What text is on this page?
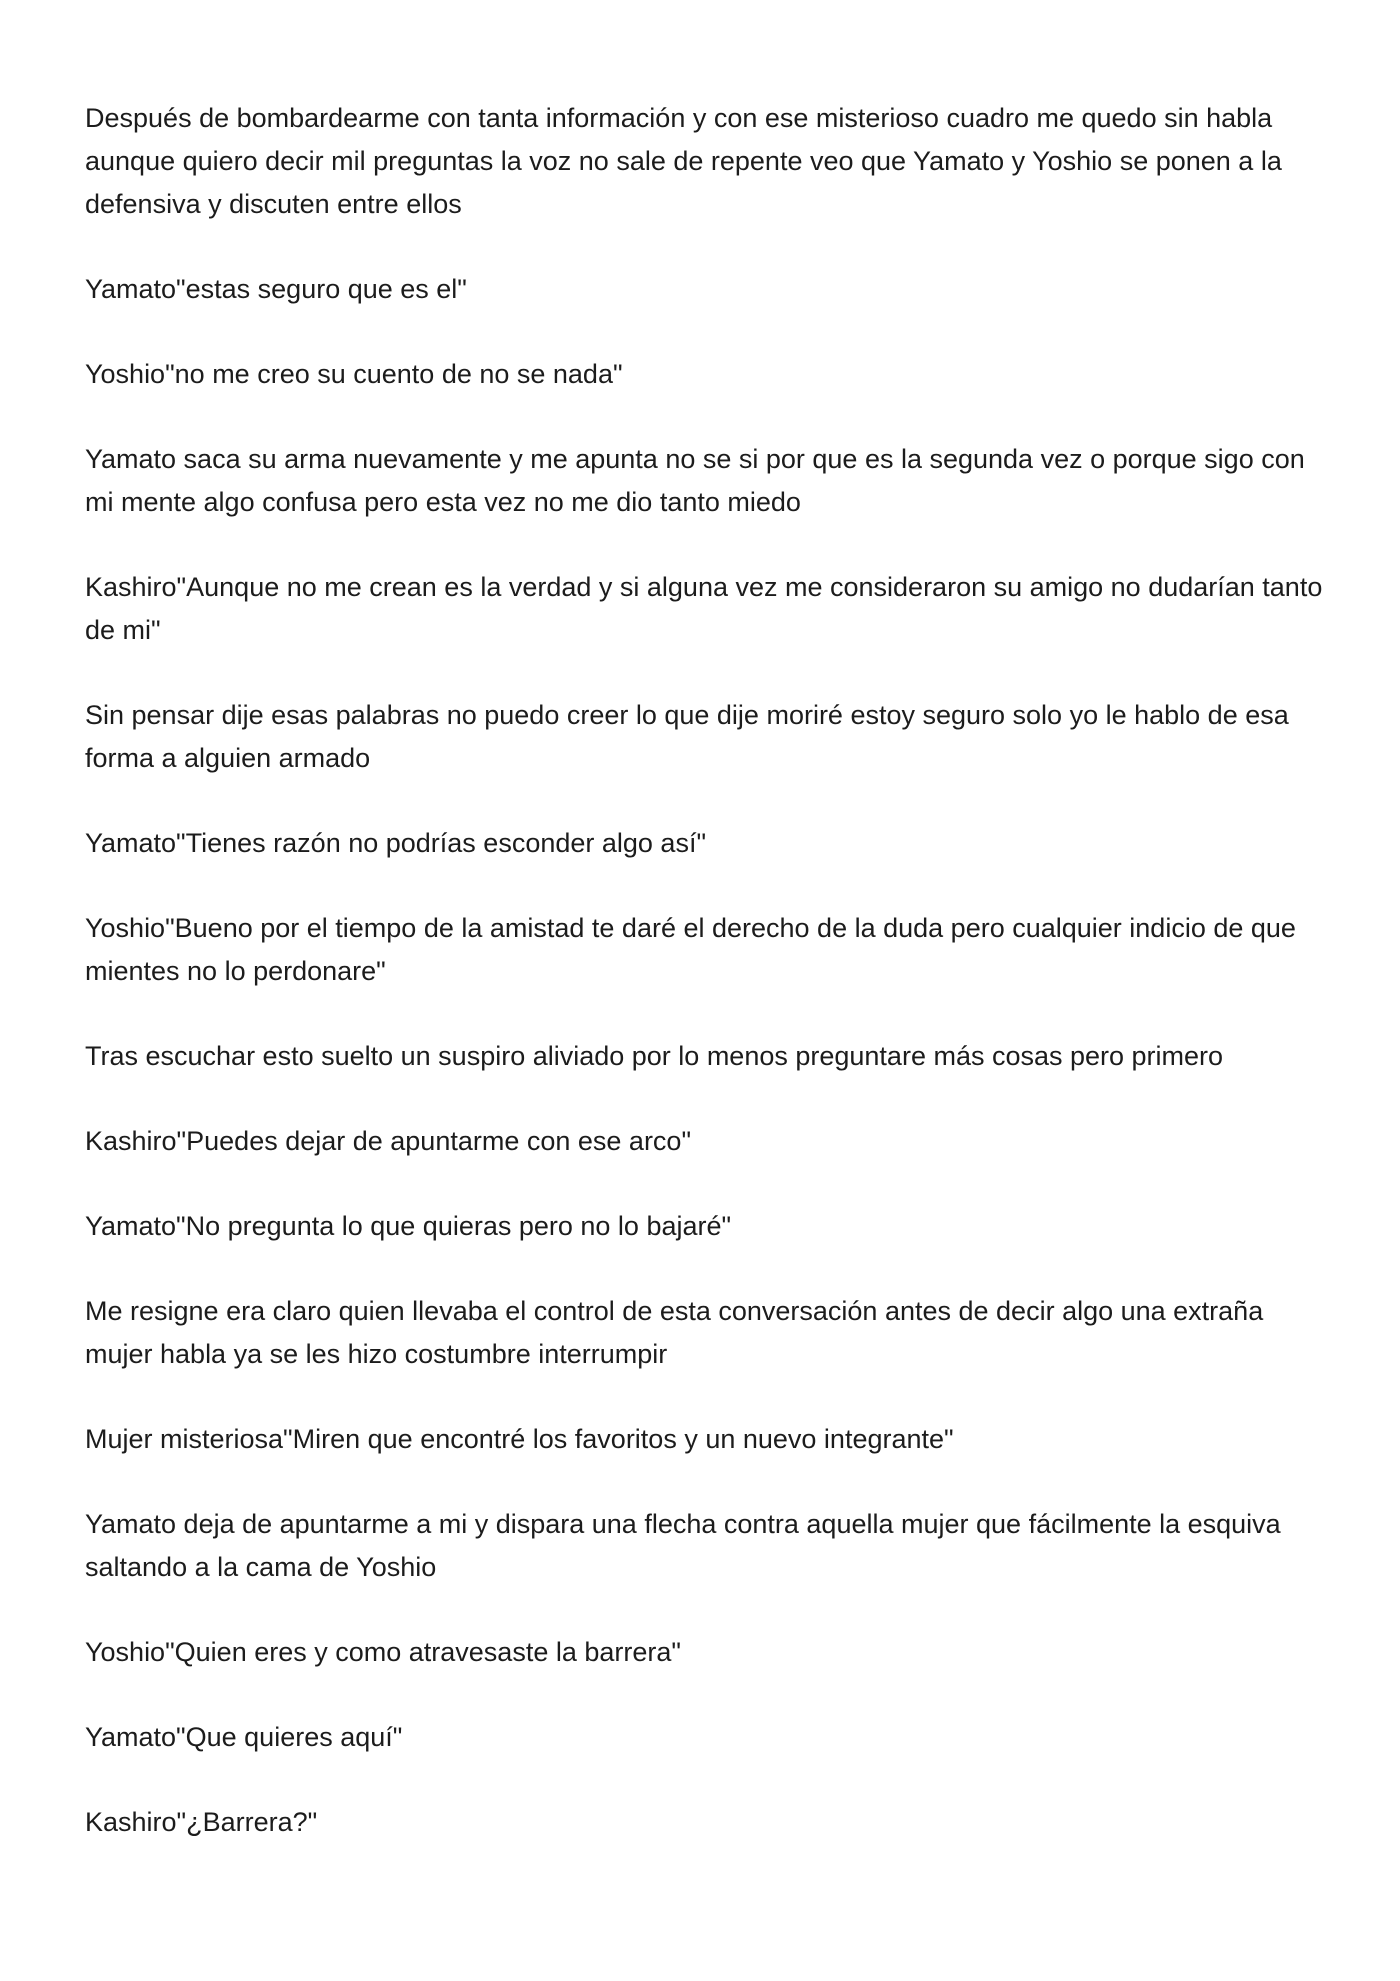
Después de bombardearme con tanta información y con ese misterioso cuadro me quedo sin habla aunque quiero decir mil preguntas la voz no sale de repente veo que Yamato y Yoshio se ponen a la defensiva y discuten entre ellos

Yamato"estas seguro que es el"

Yoshio"no me creo su cuento de no se nada"

Yamato saca su arma nuevamente y me apunta no se si por que es la segunda vez o porque sigo con mi mente algo confusa pero esta vez no me dio tanto miedo

Kashiro"Aunque no me crean es la verdad y si alguna vez me consideraron su amigo no dudarían tanto de mi"

Sin pensar dije esas palabras no puedo creer lo que dije moriré estoy seguro solo yo le hablo de esa forma a alguien armado

Yamato"Tienes razón no podrías esconder algo así"

Yoshio"Bueno por el tiempo de la amistad te daré el derecho de la duda pero cualquier indicio de que mientes no lo perdonare"

Tras escuchar esto suelto un suspiro aliviado por lo menos preguntare más cosas pero primero

Kashiro"Puedes dejar de apuntarme con ese arco"

Yamato"No pregunta lo que quieras pero no lo bajaré"

Me resigne era claro quien llevaba el control de esta conversación antes de decir algo una extraña mujer habla ya se les hizo costumbre interrumpir

Mujer misteriosa"Miren que encontré los favoritos y un nuevo integrante"

Yamato deja de apuntarme a mi y dispara una flecha contra aquella mujer que fácilmente la esquiva saltando a la cama de Yoshio

Yoshio"Quien eres y como atravesaste la barrera"

Yamato"Que quieres aquí"

Kashiro"¿Barrera?"
